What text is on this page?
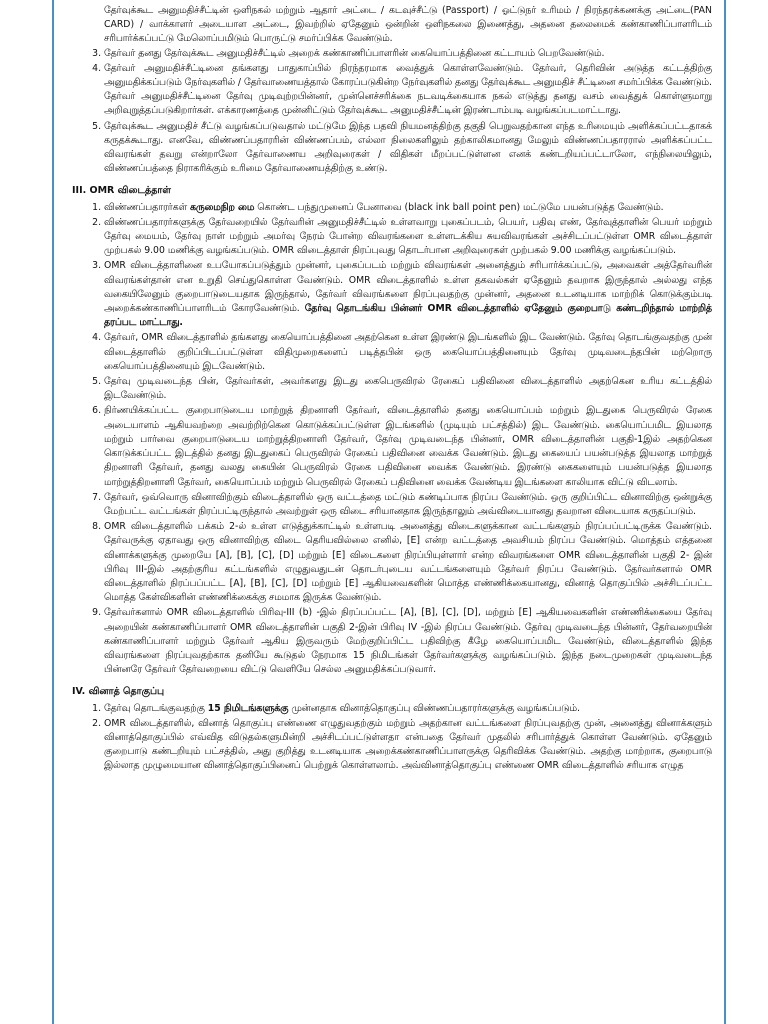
தேர்வுக்கூட அனுமதிச்சீட்டின் ஒளிநகல் மற்றும் ஆதார் அட்டை / கடவுச்சீட்டு (Passport) / ஓட்டுநர் உரிமம் / நிரந்தரக்கணக்கு அட்டை(PAN CARD) / வாக்காளர் அடையாள அட்டை, இவற்றில் ஏதேனும் ஒன்றின் ஒளிநகலை இணைத்து, அதனை தலைமைக் கண்காணிப்பாளரிடம் சரிபார்க்கப்பட்டு மேலொப்பமிடும் பொருட்டு சமர்ப்பிக்க வேண்டும்.

3. தேர்வர் தனது தேர்வுக்கூட அனுமதிச்சீட்டில் அறைக் கண்காணிப்பாளரின் கையொப்பத்தினை கட்டாயம் பெறவேண்டும்.
4. தேர்வர் அனுமதிச்சீட்டினை தங்களது பாதுகாப்பில் நிரந்தரமாக வைத்துக் கொள்ளவேண்டும். தேர்வர், தெரிவின் அடுத்த கட்டத்திற்கு அனுமதிக்கப்படும் நேர்வுகளில் / தேர்வாணையத்தால் கோரப்படுகின்ற நேர்வுகளில் தனது தேர்வுக்கூட அனுமதிச் சீட்டினை சமர்ப்பிக்க வேண்டும். தேர்வர் அனுமதிச்சீட்டினை தேர்வு முடிவுற்றபின்னர், முன்னெச்சரிக்கை நடவடிக்கையாக நகல் எடுத்து தனது வசம் வைத்துக் கொள்ளுமாறு அறிவுறுத்தப்படுகிறார்கள். எக்காரணத்தை முன்னிட்டும் தேர்வுக்கூட அனுமதிச்சீட்டின் இரண்டாம்படி வழங்கப்படமாட்டாது.
5. தேர்வுக்கூட அனுமதிச் சீட்டு வழங்கப்படுவதால் மட்டுமே இந்த பதவி நியமனத்திற்கு தகுதி பெறுவதற்கான எந்த உரிமையும் அளிக்கப்பட்டதாகக் கருதக்கூடாது. எனவே, விண்ணப்பதாரரின் விண்ணப்பம், எல்லா நிலைகளிலும் தற்காலிகமானது மேலும் விண்ணப்பதாரரால் அளிக்கப்பட்ட விவரங்கள் தவறு என்றாலோ தேர்வாணைய அறிவுரைகள் / விதிகள் மீறப்பட்டுள்ளன எனக் கண்டறியப்பட்டாலோ, எந்நிலையிலும், விண்ணப்பத்தை நிராகரிக்கும் உரிமை தேர்வாணையத்திற்கு உண்டு.
III. OMR விடைத்தாள்
1. விண்ணப்பதாரர்கள் கருமைநிற மை கொண்ட பந்துமுனைப் பேனாவை (black ink ball point pen) மட்டுமே பயன்படுத்த வேண்டும்.
2. விண்ணப்பதாரர்களுக்கு தேர்வறையில் தேர்வரின் அனுமதிச்சீட்டில் உள்ளவாறு புகைப்படம், பெயர், பதிவு எண், தேர்வுத்தாளின் பெயர் மற்றும் தேர்வு மையம், தேர்வு நாள் மற்றும் அமர்வு நேரம் போன்ற விவரங்களை உள்ளடக்கிய சுயவிவரங்கள் அச்சிடப்பட்டுள்ள OMR விடைத்தாள் முற்பகல் 9.00 மணிக்கு வழங்கப்படும். OMR விடைத்தாள் நிரப்புவது தொடர்பான அறிவுரைகள் முற்பகல் 9.00 மணிக்கு வழங்கப்படும்.
3. OMR விடைத்தாளினை உபயோகப்படுத்தும் முன்னர், புகைப்படம் மற்றும் விவரங்கள் அனைத்தும் சரிபார்க்கப்பட்டு, அவைகள் அத்தேர்வரின் விவரங்கள்தான் என உறுதி செய்துகொள்ள வேண்டும். OMR விடைத்தாளில் உள்ள தகவல்கள் ஏதேனும் தவறாக இருந்தால் அல்லது எந்த வகையிலேனும் குறைபாடுடையதாக இருந்தால், தேர்வர் விவரங்களை நிரப்புவதற்கு முன்னர், அதனை உடனடியாக மாற்றிக் கொடுக்கும்படி அறைக்கண்காணிப்பாளரிடம் கோரவேண்டும். தேர்வு தொடங்கிய பின்னர் OMR விடைத்தாளில் ஏதேனும் குறைபாடு கண்டறிந்தால் மாற்றித் தரப்பட மாட்டாது.
4. தேர்வர், OMR விடைத்தாளில் தங்களது கையொப்பத்தினை அதற்கென உள்ள இரண்டு இடங்களில் இட வேண்டும். தேர்வு தொடங்குவதற்கு முன் விடைத்தாளில் குறிப்பிடப்பட்டுள்ள விதிமுறைகளைப் படித்தபின் ஒரு கையொப்பத்தினையும் தேர்வு முடிவடைந்தபின் மற்றொரு கையொப்பத்தினையும் இடவேண்டும்.
5. தேர்வு முடிவடைந்த பின், தேர்வர்கள், அவர்களது இடது கைபெருவிரல் ரேகைப் பதிவினை விடைத்தாளில் அதற்கென உரிய கட்டத்தில் இடவேண்டும்.
6. நிர்ணயிக்கப்பட்ட குறைபாடுடைய மாற்றுத் திறனாளி தேர்வர், விடைத்தாளில் தனது கையொப்பம் மற்றும் இடதுகை பெருவிரல் ரேகை அடையாளம் ஆகியவற்றை அவற்றிற்கென கொடுக்கப்பட்டுள்ள இடங்களில் (முடியும் பட்சத்தில்) இட வேண்டும். கையொப்பமிட இயலாத மற்றும் பார்வை குறைபாடுடைய மாற்றுத்திறனாளி தேர்வர், தேர்வு முடிவடைந்த பின்னர், OMR விடைத்தாளின் பகுதி-1இல் அதற்கென கொடுக்கப்பட்ட இடத்தில் தனது இடதுகைப் பெருவிரல் ரேகைப் பதிவினை வைக்க வேண்டும். இடது கையைப் பயன்படுத்த இயலாத மாற்றுத் திறனாளி தேர்வர், தனது வலது கையின் பெருவிரல் ரேகை பதிவினை வைக்க வேண்டும். இரண்டு கைகளையும் பயன்படுத்த இயலாத மாற்றுத்திறனாளி தேர்வர், கையொப்பம் மற்றும் பெருவிரல் ரேகைப் பதிவினை வைக்க வேண்டிய இடங்களை காலியாக விட்டு விடலாம்.
7. தேர்வர், ஒவ்வொரு வினாவிற்கும் விடைத்தாளில் ஒரு வட்டத்தை மட்டும் கண்டிப்பாக நிரப்ப வேண்டும். ஒரு குறிப்பிட்ட வினாவிற்கு ஒன்றுக்கு மேற்பட்ட வட்டங்கள் நிரப்பட்டிருந்தால் அவற்றுள் ஒரு விடை சரியானதாக இருந்தாலும் அவ்விடையானது தவறான விடையாக கருதப்படும்.
8. OMR விடைத்தாளில் பக்கம் 2-ல் உள்ள எடுத்துக்காட்டில் உள்ளபடி அனைத்து விடைகளுக்கான வட்டங்களும் நிரப்பப்பட்டிருக்க வேண்டும். தேர்வருக்கு ஏதாவது ஒரு வினாவிற்கு விடை தெரியவில்லை எனில், [E] என்ற வட்டத்தை அவசியம் நிரப்ப வேண்டும். மொத்தம் எத்தனை வினாக்களுக்கு முறையே [A], [B], [C], [D] மற்றும் [E] விடைகளை நிரப்பியுள்ளார் என்ற விவரங்களை OMR விடைத்தாளின் பகுதி 2- இன் பிரிவு III-இல் அதற்குரிய கட்டங்களில் எழுதுவதுடன் தொடர்புடைய வட்டங்களையும் தேர்வர் நிரப்ப வேண்டும். தேர்வர்களால் OMR விடைத்தாளில் நிரப்பப்பட்ட [A], [B], [C], [D] மற்றும் [E] ஆகியவைகளின் மொத்த எண்ணிக்கையானது, வினாத் தொகுப்பில் அச்சிடப்பட்ட மொத்த கேள்விகளின் எண்ணிக்கைக்கு சமமாக இருக்க வேண்டும்.
9. தேர்வர்களால் OMR விடைத்தாளில் பிரிவு-III (b) -இல் நிரப்பப்பட்ட [A], [B], [C], [D], மற்றும் [E] ஆகியவைகளின் எண்ணிக்கையை தேர்வு அறையின் கண்காணிப்பாளர் OMR விடைத்தாளின் பகுதி 2-இன் பிரிவு IV -இல் நிரப்ப வேண்டும். தேர்வு முடிவடைந்த பின்னர், தேர்வறையின் கண்காணிப்பாளர் மற்றும் தேர்வர் ஆகிய இருவரும் மேற்குறிப்பிட்ட பதிவிற்கு கீழே கையொப்பமிட வேண்டும், விடைத்தாளில் இந்த விவரங்களை நிரப்புவதற்காக தனியே கூடுதல் நேரமாக 15 நிமிடங்கள் தேர்வர்களுக்கு வழங்கப்படும். இந்த நடைமுறைகள் முடிவடைந்த பின்னரே தேர்வர் தேர்வறையை விட்டு வெளியே செல்ல அனுமதிக்கப்படுவார்.
IV. வினாத் தொகுப்பு
1. தேர்வு தொடங்குவதற்கு 15 நிமிடங்களுக்கு முன்னதாக வினாத்தொகுப்பு விண்ணப்பதாரர்களுக்கு வழங்கப்படும்.
2. OMR விடைத்தாளில், வினாத் தொகுப்பு எண்ணை எழுதுவதற்கும் மற்றும் அதற்கான வட்டங்களை நிரப்புவதற்கு முன், அனைத்து வினாக்களும் வினாத்தொகுப்பில் எவ்வித விடுதல்களுமின்றி அச்சிடப்பட்டுள்ளதா என்பதை தேர்வர் முதலில் சரிபார்த்துக் கொள்ள வேண்டும். ஏதேனும் குறைபாடு கண்டறியும் பட்சத்தில், அது குறித்து உடனடியாக அறைக்கண்காணிப்பாளருக்கு தெரிவிக்க வேண்டும். அதற்கு மாற்றாக, குறைபாடு இல்லாத முழுமையான வினாத்தொகுப்பினைப் பெற்றுக் கொள்ளலாம். அவ்வினாத்தொகுப்பு எண்ணை OMR விடைத்தாளில் சரியாக எழுத
